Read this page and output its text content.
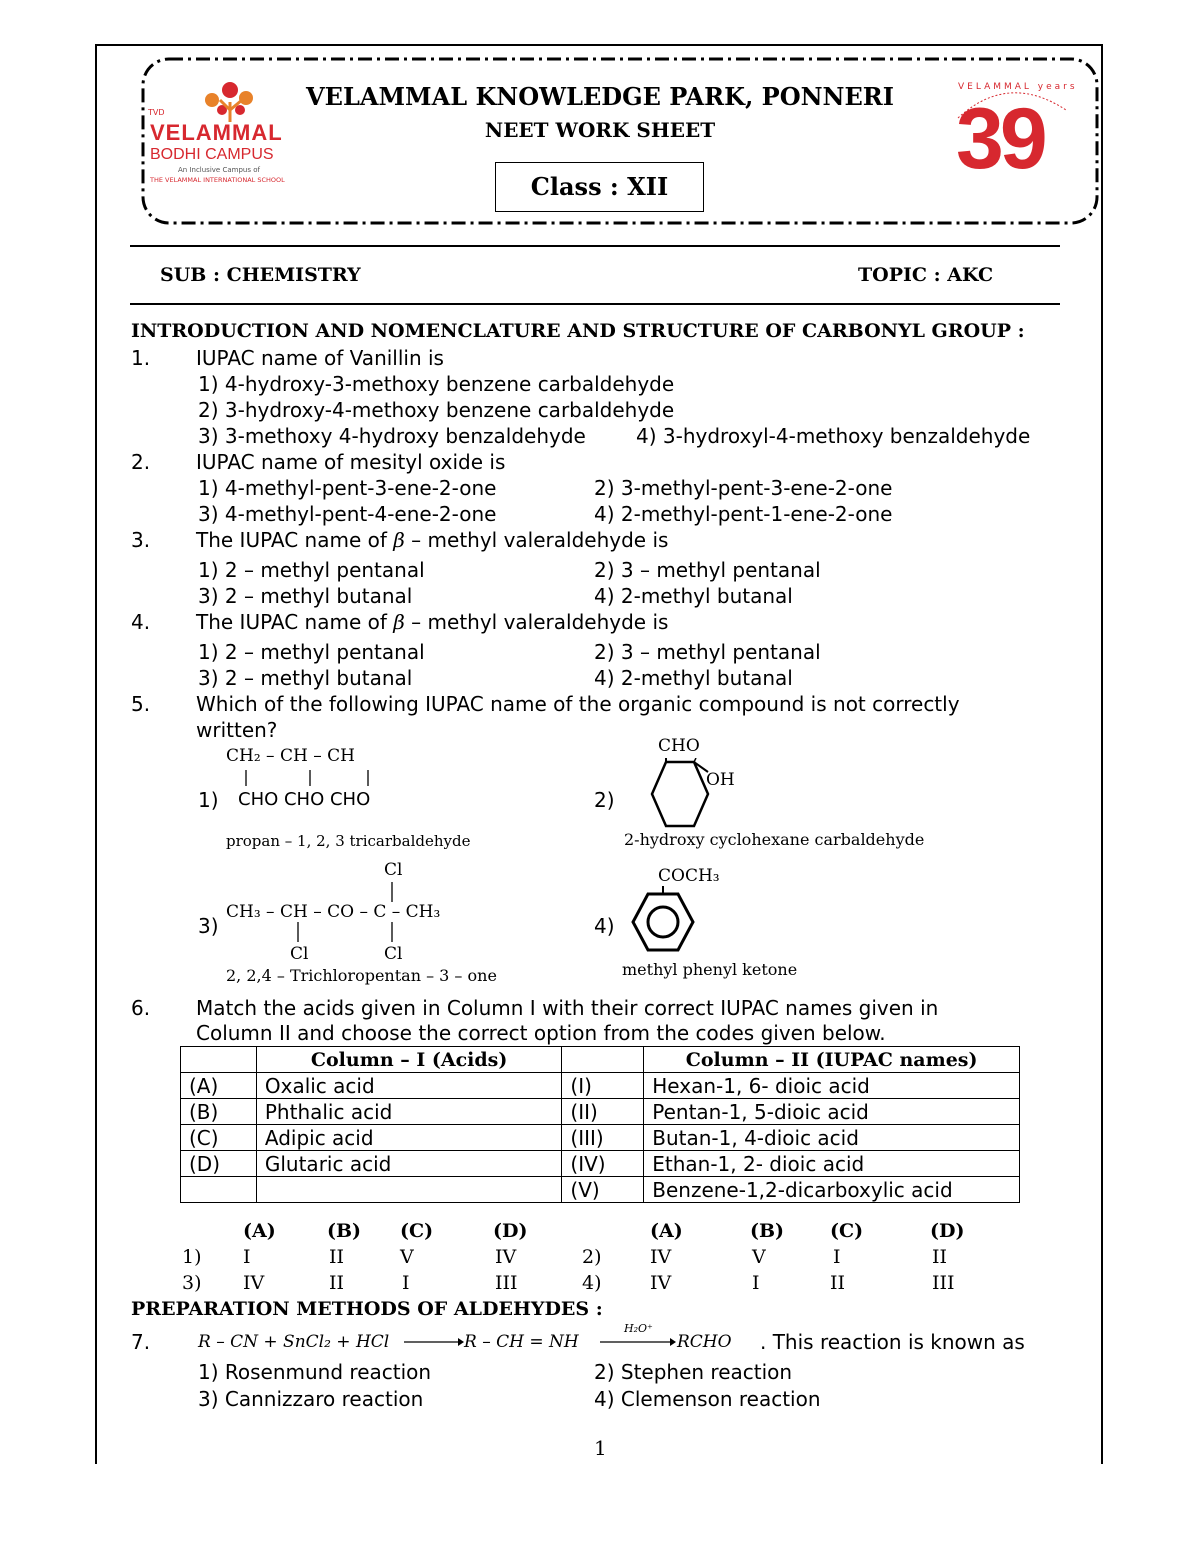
TVD
VELAMMAL
BODHI CAMPUS
An Inclusive Campus of
THE VELAMMAL INTERNATIONAL SCHOOL
VELAMMAL KNOWLEDGE PARK, PONNERI
NEET WORK SHEET
Class : XII
VELAMMAL years
39
SUB : CHEMISTRY	TOPIC : AKC
INTRODUCTION AND NOMENCLATURE AND STRUCTURE OF CARBONYL GROUP :
1. IUPAC name of Vanillin is
1) 4-hydroxy-3-methoxy benzene carbaldehyde
2) 3-hydroxy-4-methoxy benzene carbaldehyde
3) 3-methoxy 4-hydroxy benzaldehyde	4) 3-hydroxyl-4-methoxy benzaldehyde
2. IUPAC name of mesityl oxide is
1) 4-methyl-pent-3-ene-2-one	2) 3-methyl-pent-3-ene-2-one
3) 4-methyl-pent-4-ene-2-one	4) 2-methyl-pent-1-ene-2-one
3. The IUPAC name of β – methyl valeraldehyde is
1) 2 – methyl pentanal	2) 3 – methyl pentanal
3) 2 – methyl butanal	4) 2-methyl butanal
4. The IUPAC name of β – methyl valeraldehyde is
1) 2 – methyl pentanal	2) 3 – methyl pentanal
3) 2 – methyl butanal	4) 2-methyl butanal
5. Which of the following IUPAC name of the organic compound is not correctly
written?
CH₂ – CH – CH
1) CHO CHO CHO
propan – 1, 2, 3 tricarbaldehyde
CHO
OH
2)
2-hydroxy cyclohexane carbaldehyde
Cl
CH₃ – CH – CO – C – CH₃
3)
Cl	Cl
2, 2,4 – Trichloropentan – 3 – one
COCH₃
4)
methyl phenyl ketone
6. Match the acids given in Column I with their correct IUPAC names given in
Column II and choose the correct option from the codes given below.
	Column – I (Acids)		Column – II (IUPAC names)
(A)	Oxalic acid	(I)	Hexan-1, 6- dioic acid
(B)	Phthalic acid	(II)	Pentan-1, 5-dioic acid
(C)	Adipic acid	(III)	Butan-1, 4-dioic acid
(D)	Glutaric acid	(IV)	Ethan-1, 2- dioic acid
		(V)	Benzene-1,2-dicarboxylic acid
(A)	(B) (C)	(D)	(A)	(B) (C)	(D)
1) I	II	V	IV	2)	IV	V	I	II
3) IV	II	I	III	4)	IV	I	II	III
PREPARATION METHODS OF ALDEHYDES :
7.	R – CN + SnCl₂ + HCl	R – CH = NH
H₂O⁺
RCHO . This reaction is known as
1) Rosenmund reaction	2) Stephen reaction
3) Cannizzaro reaction	4) Clemenson reaction
1
